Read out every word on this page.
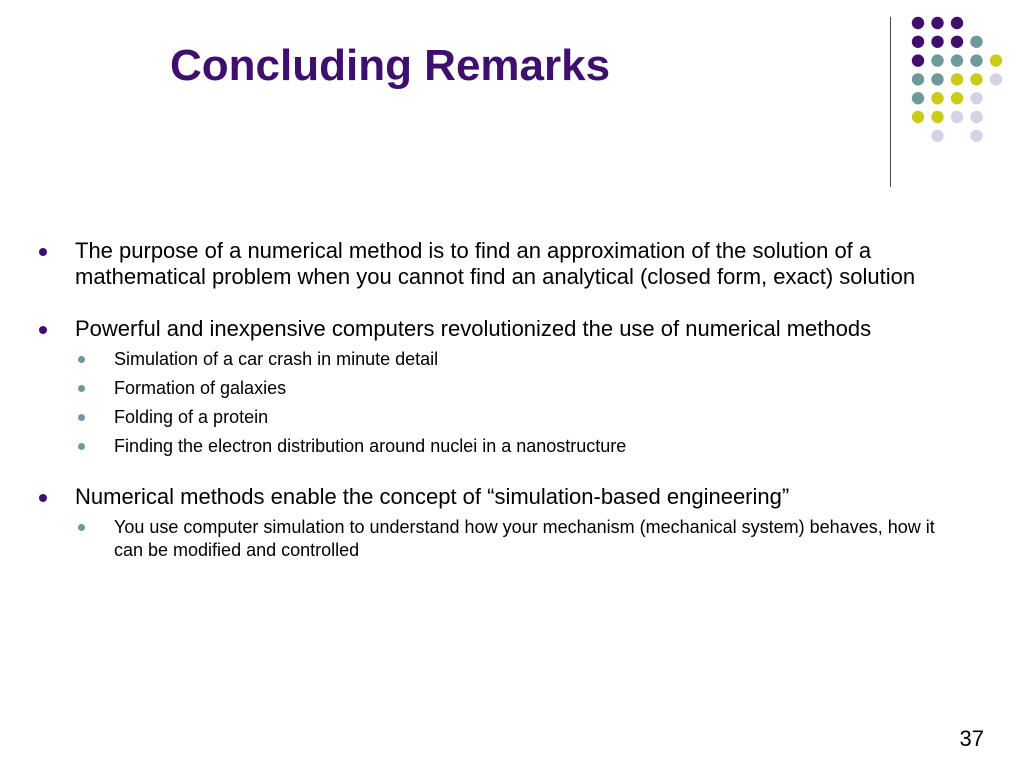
Concluding Remarks
The purpose of a numerical method is to find an approximation of the solution of a mathematical problem when you cannot find an analytical (closed form, exact) solution
Powerful and inexpensive computers revolutionized the use of numerical methods
Simulation of a car crash in minute detail
Formation of galaxies
Folding of a protein
Finding the electron distribution around nuclei in a nanostructure
Numerical methods enable the concept of “simulation-based engineering”
You use computer simulation to understand how your mechanism (mechanical system) behaves, how it can be modified and controlled
37
